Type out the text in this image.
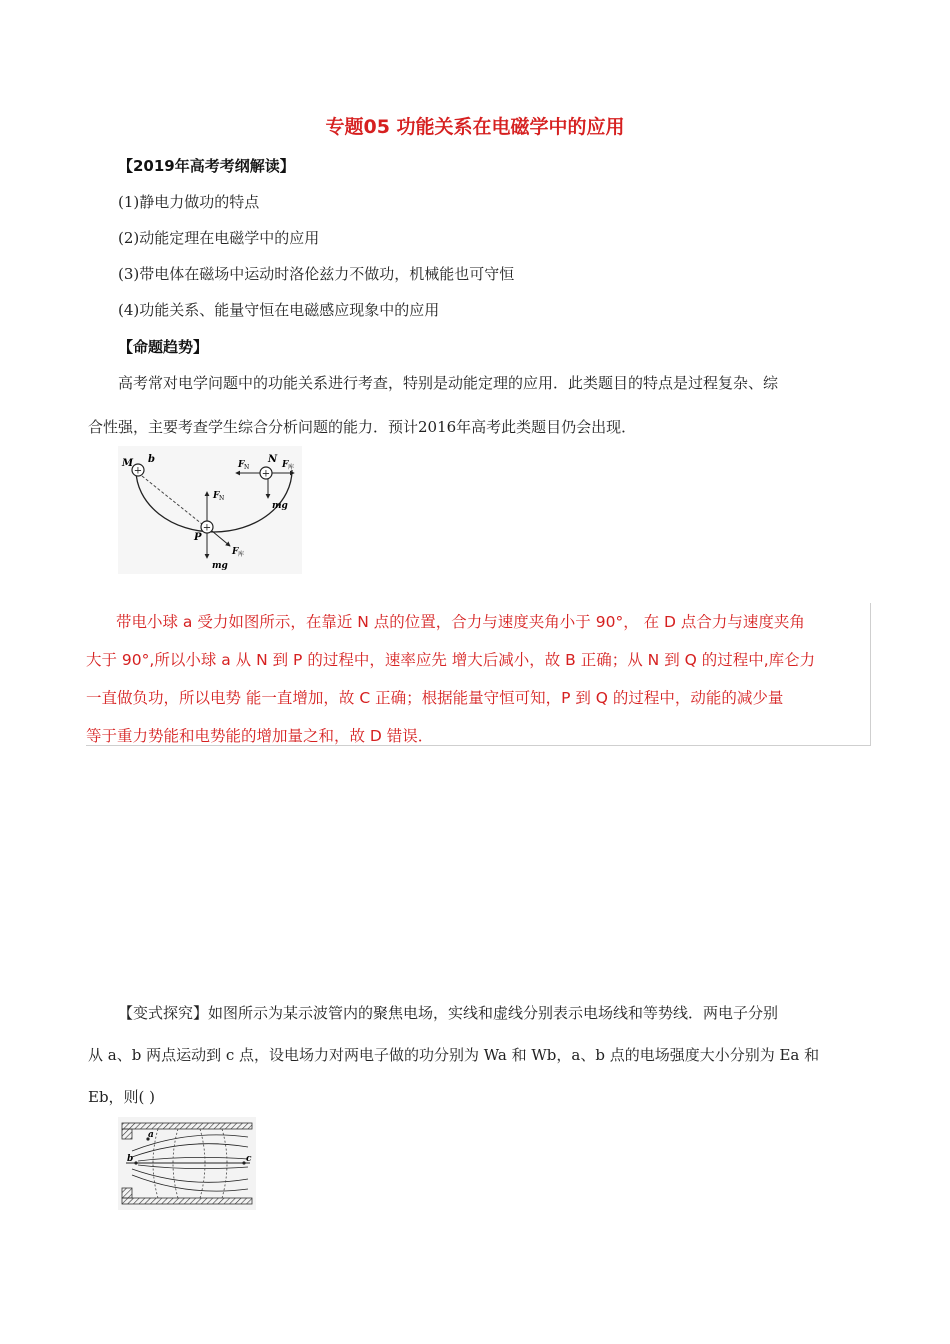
专题05 功能关系在电磁学中的应用
【2019年高考考纲解读】
(1)静电力做功的特点
(2)动能定理在电磁学中的应用
(3)带电体在磁场中运动时洛伦兹力不做功，机械能也可守恒
(4)功能关系、能量守恒在电磁感应现象中的应用
【命题趋势】
高考常对电学问题中的功能关系进行考查，特别是动能定理的应用．此类题目的特点是过程复杂、综
合性强，主要考查学生综合分析问题的能力．预计2016年高考此类题目仍会出现．
+	+
+
M b	N
P
F N	F 库
mg
F N
mg
F 库
带电小球 a 受力如图所示，在靠近 N 点的位置，合力与速度夹角小于 90°， 在 D 点合力与速度夹角
大于 90°,所以小球 a 从 N 到 P 的过程中，速率应先 增大后减小，故 B 正确；从 N 到 Q 的过程中,库仑力
一直做负功，所以电势 能一直增加，故 C 正确；根据能量守恒可知，P 到 Q 的过程中，动能的减少量
等于重力势能和电势能的增加量之和，故 D 错误．
【变式探究】如图所示为某示波管内的聚焦电场，实线和虚线分别表示电场线和等势线．两电子分别
从 a、b 两点运动到 c 点，设电场力对两电子做的功分别为 Wa 和 Wb，a、b 点的电场强度大小分别为 Ea 和
Eb，则( )
a
b	c
